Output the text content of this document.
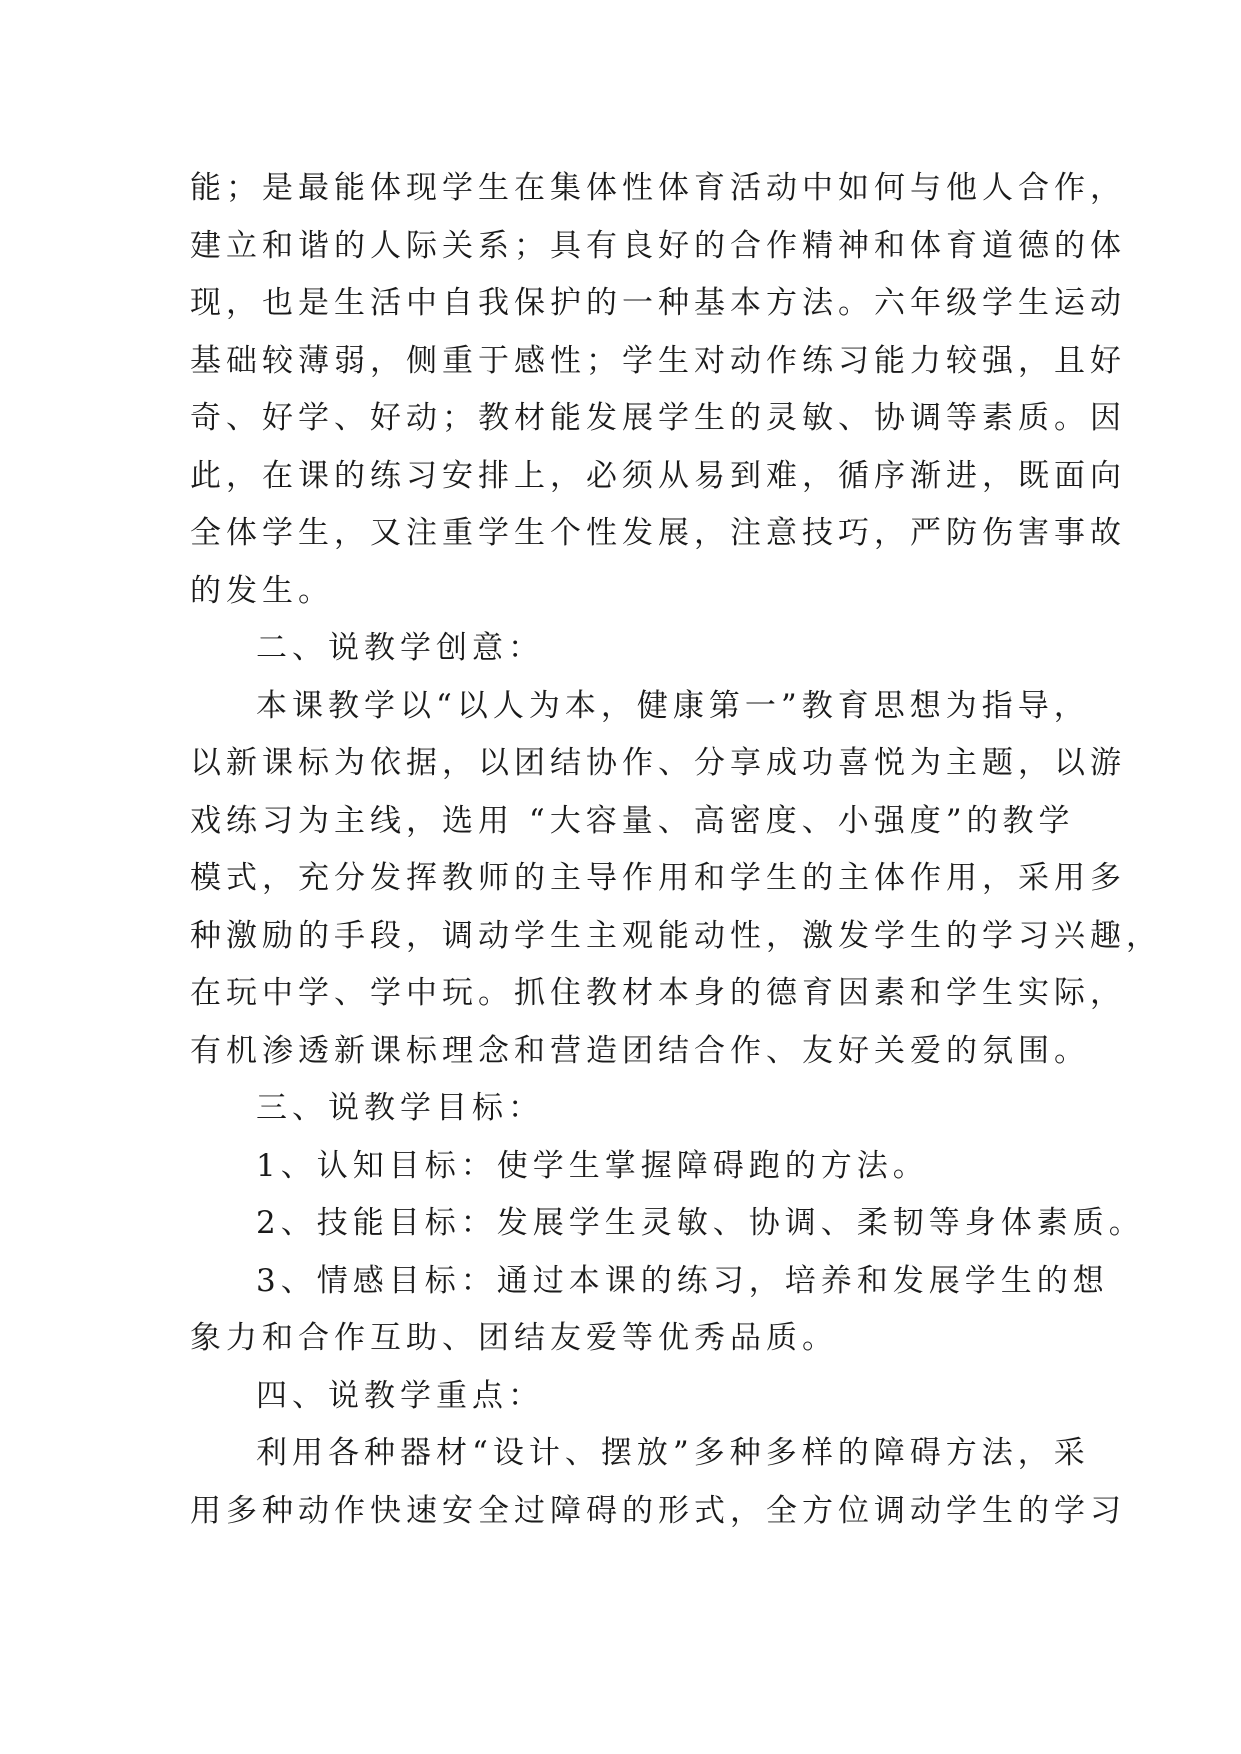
能；是最能体现学生在集体性体育活动中如何与他人合作，
建立和谐的人际关系；具有良好的合作精神和体育道德的体
现，也是生活中自我保护的一种基本方法。六年级学生运动
基础较薄弱，侧重于感性；学生对动作练习能力较强，且好
奇、好学、好动；教材能发展学生的灵敏、协调等素质。因
此，在课的练习安排上，必须从易到难，循序渐进，既面向
全体学生，又注重学生个性发展，注意技巧，严防伤害事故
的发生。
二、说教学创意：
本课教学以“以人为本，健康第一”教育思想为指导，
以新课标为依据，以团结协作、分享成功喜悦为主题，以游
戏练习为主线，选用 “大容量、高密度、小强度”的教学
模式，充分发挥教师的主导作用和学生的主体作用，采用多
种激励的手段，调动学生主观能动性，激发学生的学习兴趣，
在玩中学、学中玩。抓住教材本身的德育因素和学生实际，
有机渗透新课标理念和营造团结合作、友好关爱的氛围。
三、说教学目标：
1、认知目标：使学生掌握障碍跑的方法。
2、技能目标：发展学生灵敏、协调、柔韧等身体素质。
3、情感目标：通过本课的练习，培养和发展学生的想
象力和合作互助、团结友爱等优秀品质。
四、说教学重点：
利用各种器材“设计、摆放”多种多样的障碍方法，采
用多种动作快速安全过障碍的形式，全方位调动学生的学习
